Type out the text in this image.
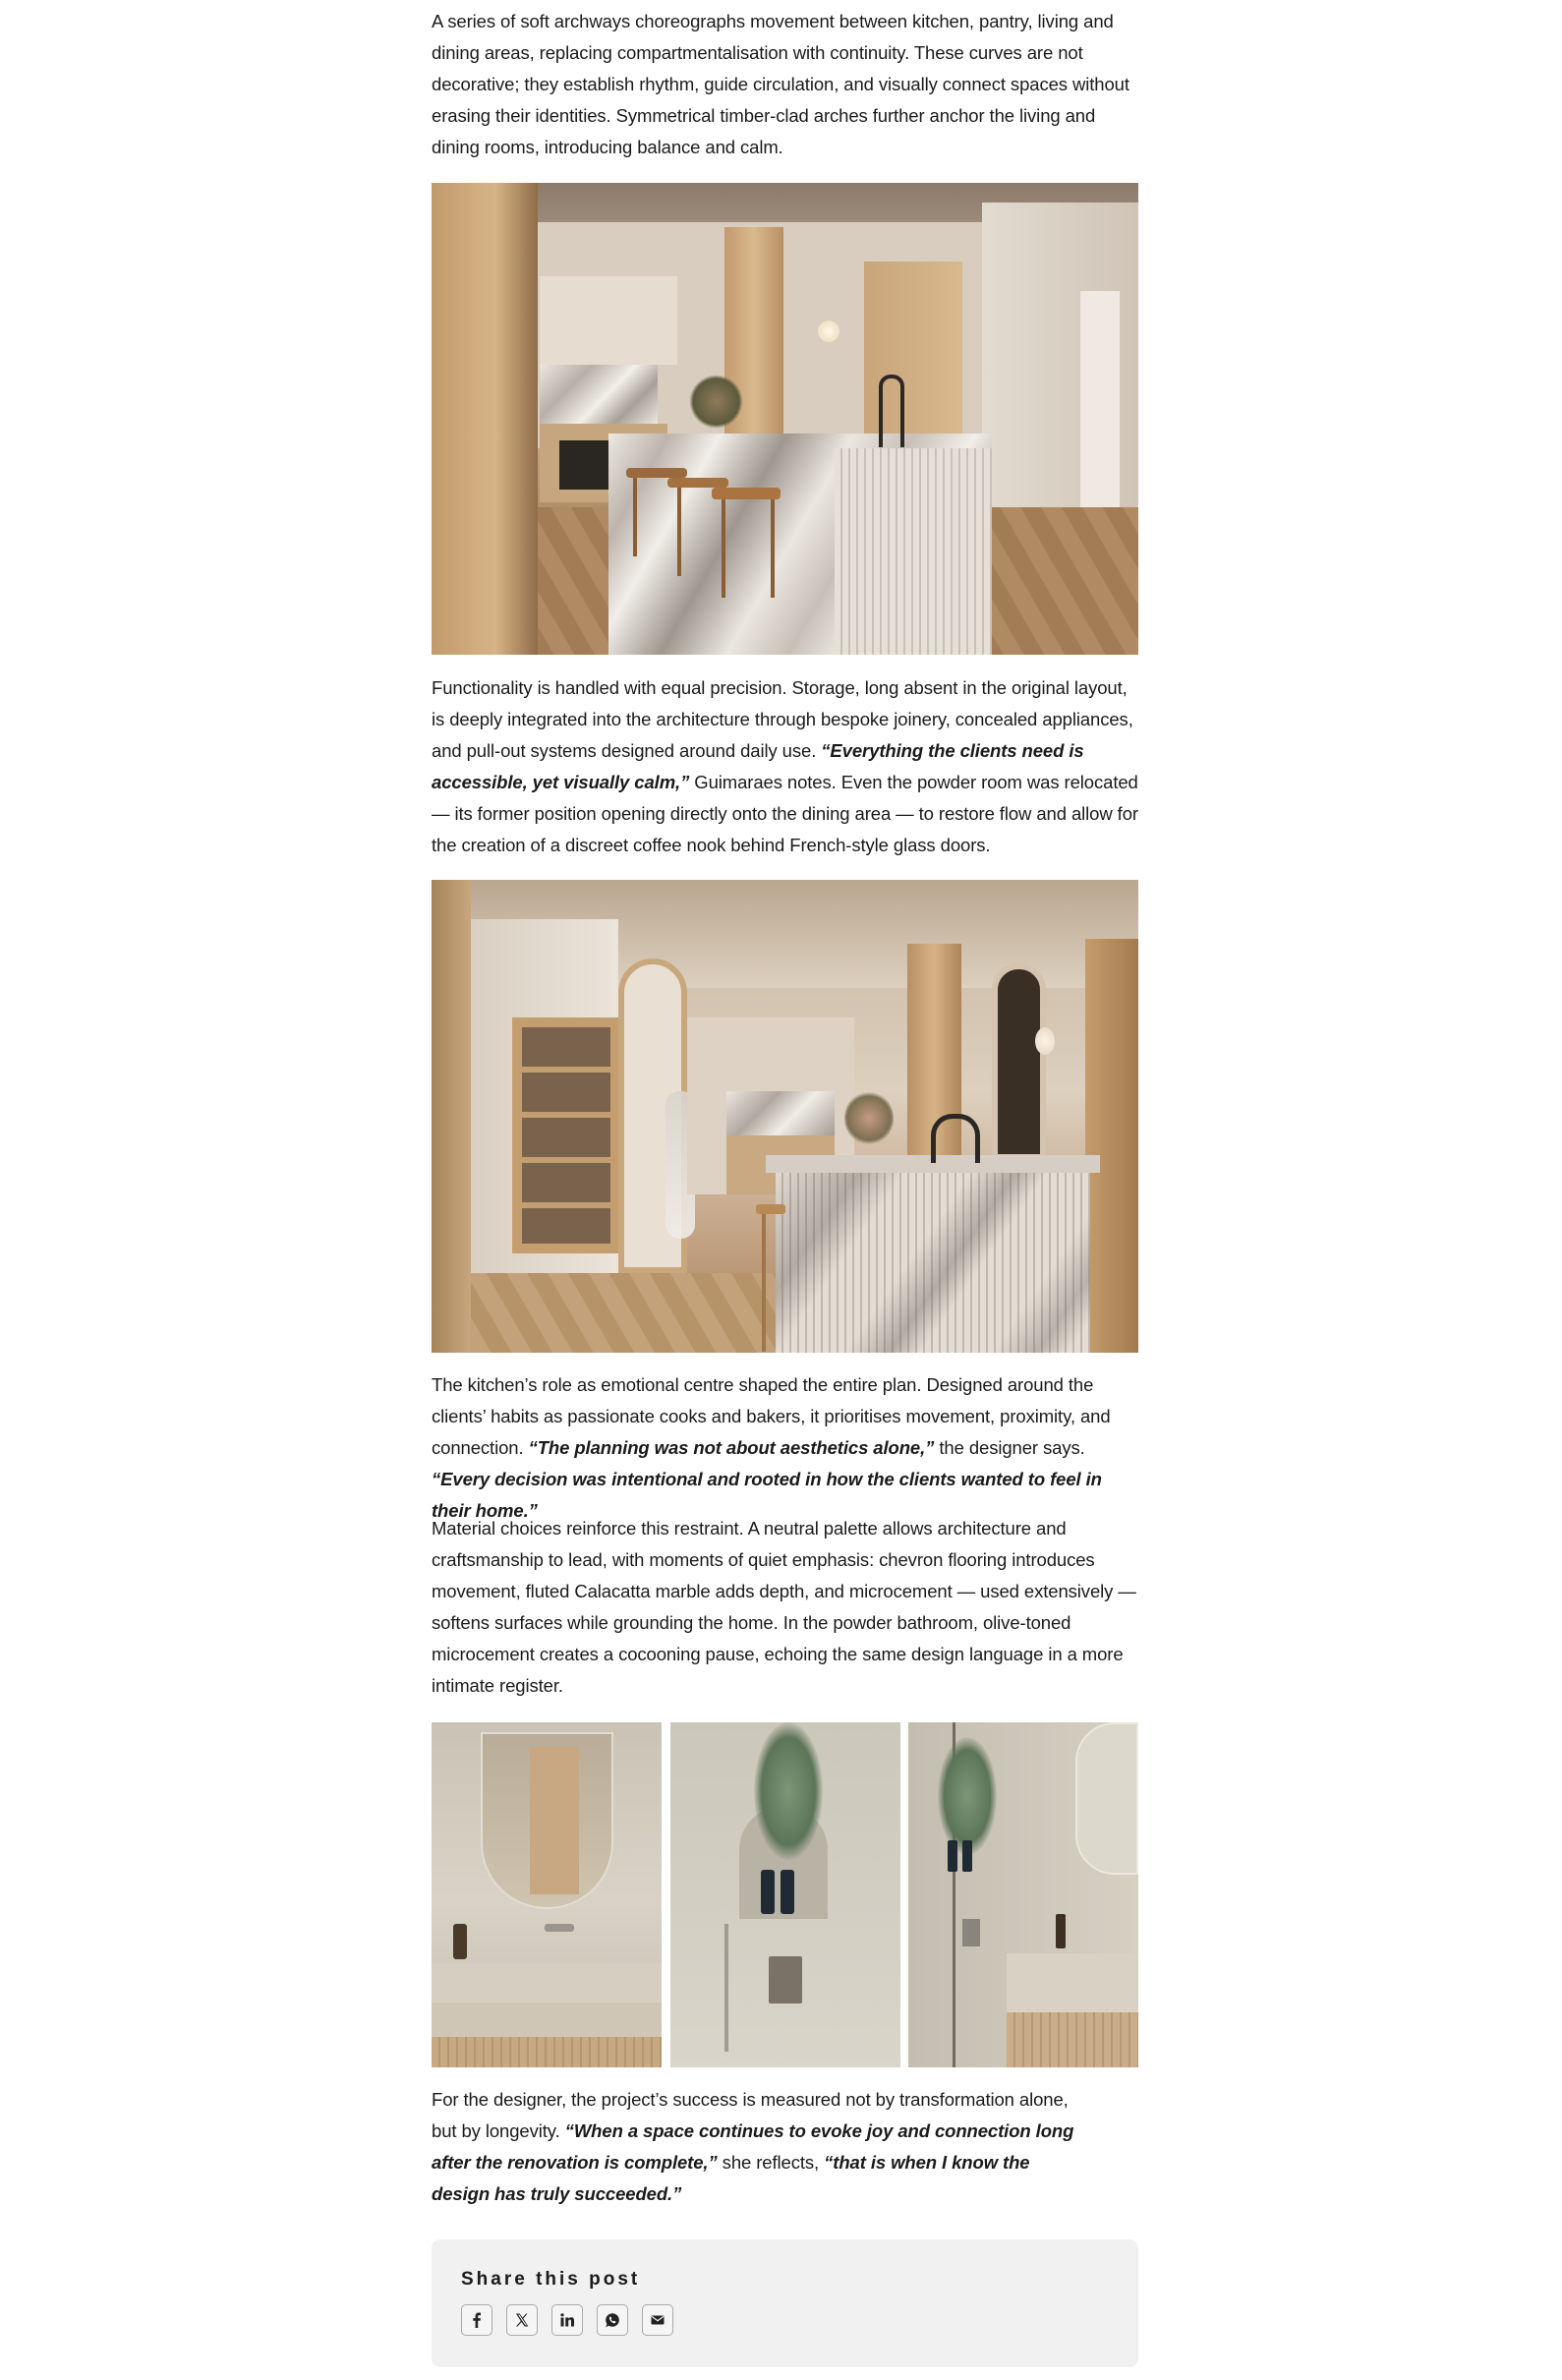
A series of soft archways choreographs movement between kitchen, pantry, living and dining areas, replacing compartmentalisation with continuity. These curves are not decorative; they establish rhythm, guide circulation, and visually connect spaces without erasing their identities. Symmetrical timber-clad arches further anchor the living and dining rooms, introducing balance and calm.

Functionality is handled with equal precision. Storage, long absent in the original layout, is deeply integrated into the architecture through bespoke joinery, concealed appliances, and pull-out systems designed around daily use. “Everything the clients need is accessible, yet visually calm,” Guimaraes notes. Even the powder room was relocated — its former position opening directly onto the dining area — to restore flow and allow for the creation of a discreet coffee nook behind French-style glass doors.

The kitchen’s role as emotional centre shaped the entire plan. Designed around the clients’ habits as passionate cooks and bakers, it prioritises movement, proximity, and connection. “The planning was not about aesthetics alone,” the designer says. “Every decision was intentional and rooted in how the clients wanted to feel in their home.”

Material choices reinforce this restraint. A neutral palette allows architecture and craftsmanship to lead, with moments of quiet emphasis: chevron flooring introduces movement, fluted Calacatta marble adds depth, and microcement — used extensively — softens surfaces while grounding the home. In the powder bathroom, olive-toned microcement creates a cocooning pause, echoing the same design language in a more intimate register.

For the designer, the project’s success is measured not by transformation alone, but by longevity. “When a space continues to evoke joy and connection long after the renovation is complete,” she reflects, “that is when I know the design has truly succeeded.”

Share this post
